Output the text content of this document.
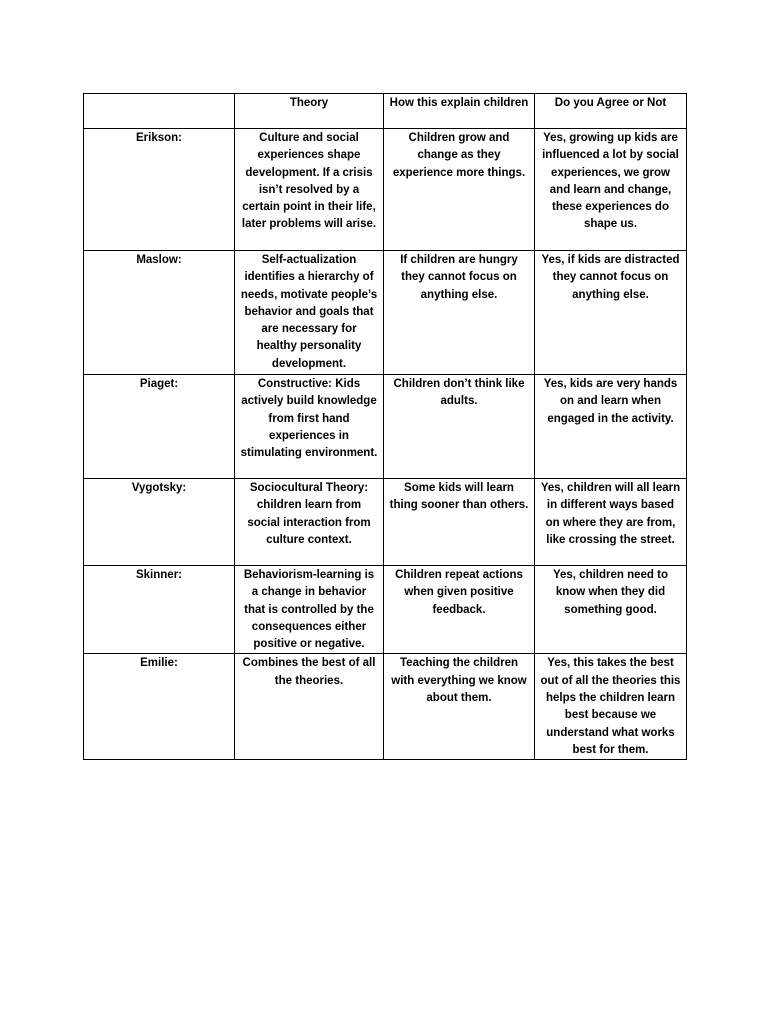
	Theory	How this explain children	Do you Agree or Not
Erikson:	Culture and social experiences shape development. If a crisis isn’t resolved by a certain point in their life, later problems will arise.	Children grow and change as they experience more things.	Yes, growing up kids are influenced a lot by social experiences, we grow and learn and change, these experiences do shape us.
Maslow:	Self-actualization identifies a hierarchy of needs, motivate people’s behavior and goals that are necessary for healthy personality development.	If children are hungry they cannot focus on anything else.	Yes, if kids are distracted they cannot focus on anything else.
Piaget:	Constructive: Kids actively build knowledge from first hand experiences in stimulating environment.	Children don’t think like adults.	Yes, kids are very hands on and learn when engaged in the activity.
Vygotsky:	Sociocultural Theory: children learn from social interaction from culture context.	Some kids will learn thing sooner than others.	Yes, children will all learn in different ways based on where they are from, like crossing the street.
Skinner:	Behaviorism-learning is a change in behavior that is controlled by the consequences either positive or negative.	Children repeat actions when given positive feedback.	Yes, children need to know when they did something good.
Emilie:	Combines the best of all the theories.	Teaching the children with everything we know about them.	Yes, this takes the best out of all the theories this helps the children learn best because we understand what works best for them.
